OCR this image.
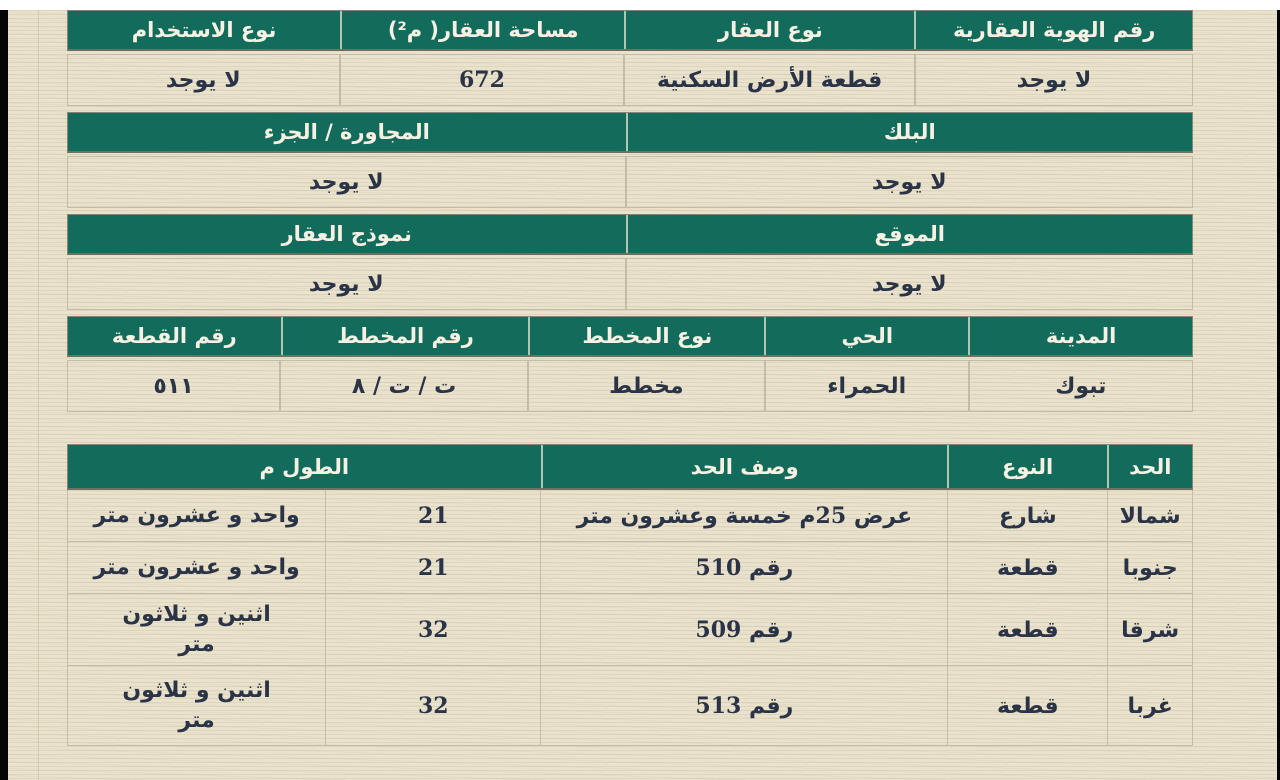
رقم الهوية العقارية
نوع العقار
مساحة العقار( م²)
نوع الاستخدام
لا يوجد
قطعة الأرض السكنية
672
لا يوجد
البلك
المجاورة / الجزء
لا يوجد
لا يوجد
الموقع
نموذج العقار
لا يوجد
لا يوجد
المدينة
الحي
نوع المخطط
رقم المخطط
رقم القطعة
تبوك
الحمراء
مخطط
ت / ت / ٨
٥١١
الحد
النوع
وصف الحد
الطول م
شمالا
شارع
عرض 25م خمسة وعشرون متر
21
واحد و عشرون متر
جنوبا
قطعة
رقم 510
21
واحد و عشرون متر
شرقا
قطعة
رقم 509
32
اثنين و ثلاثون
متر
غربا
قطعة
رقم 513
32
اثنين و ثلاثون
متر
